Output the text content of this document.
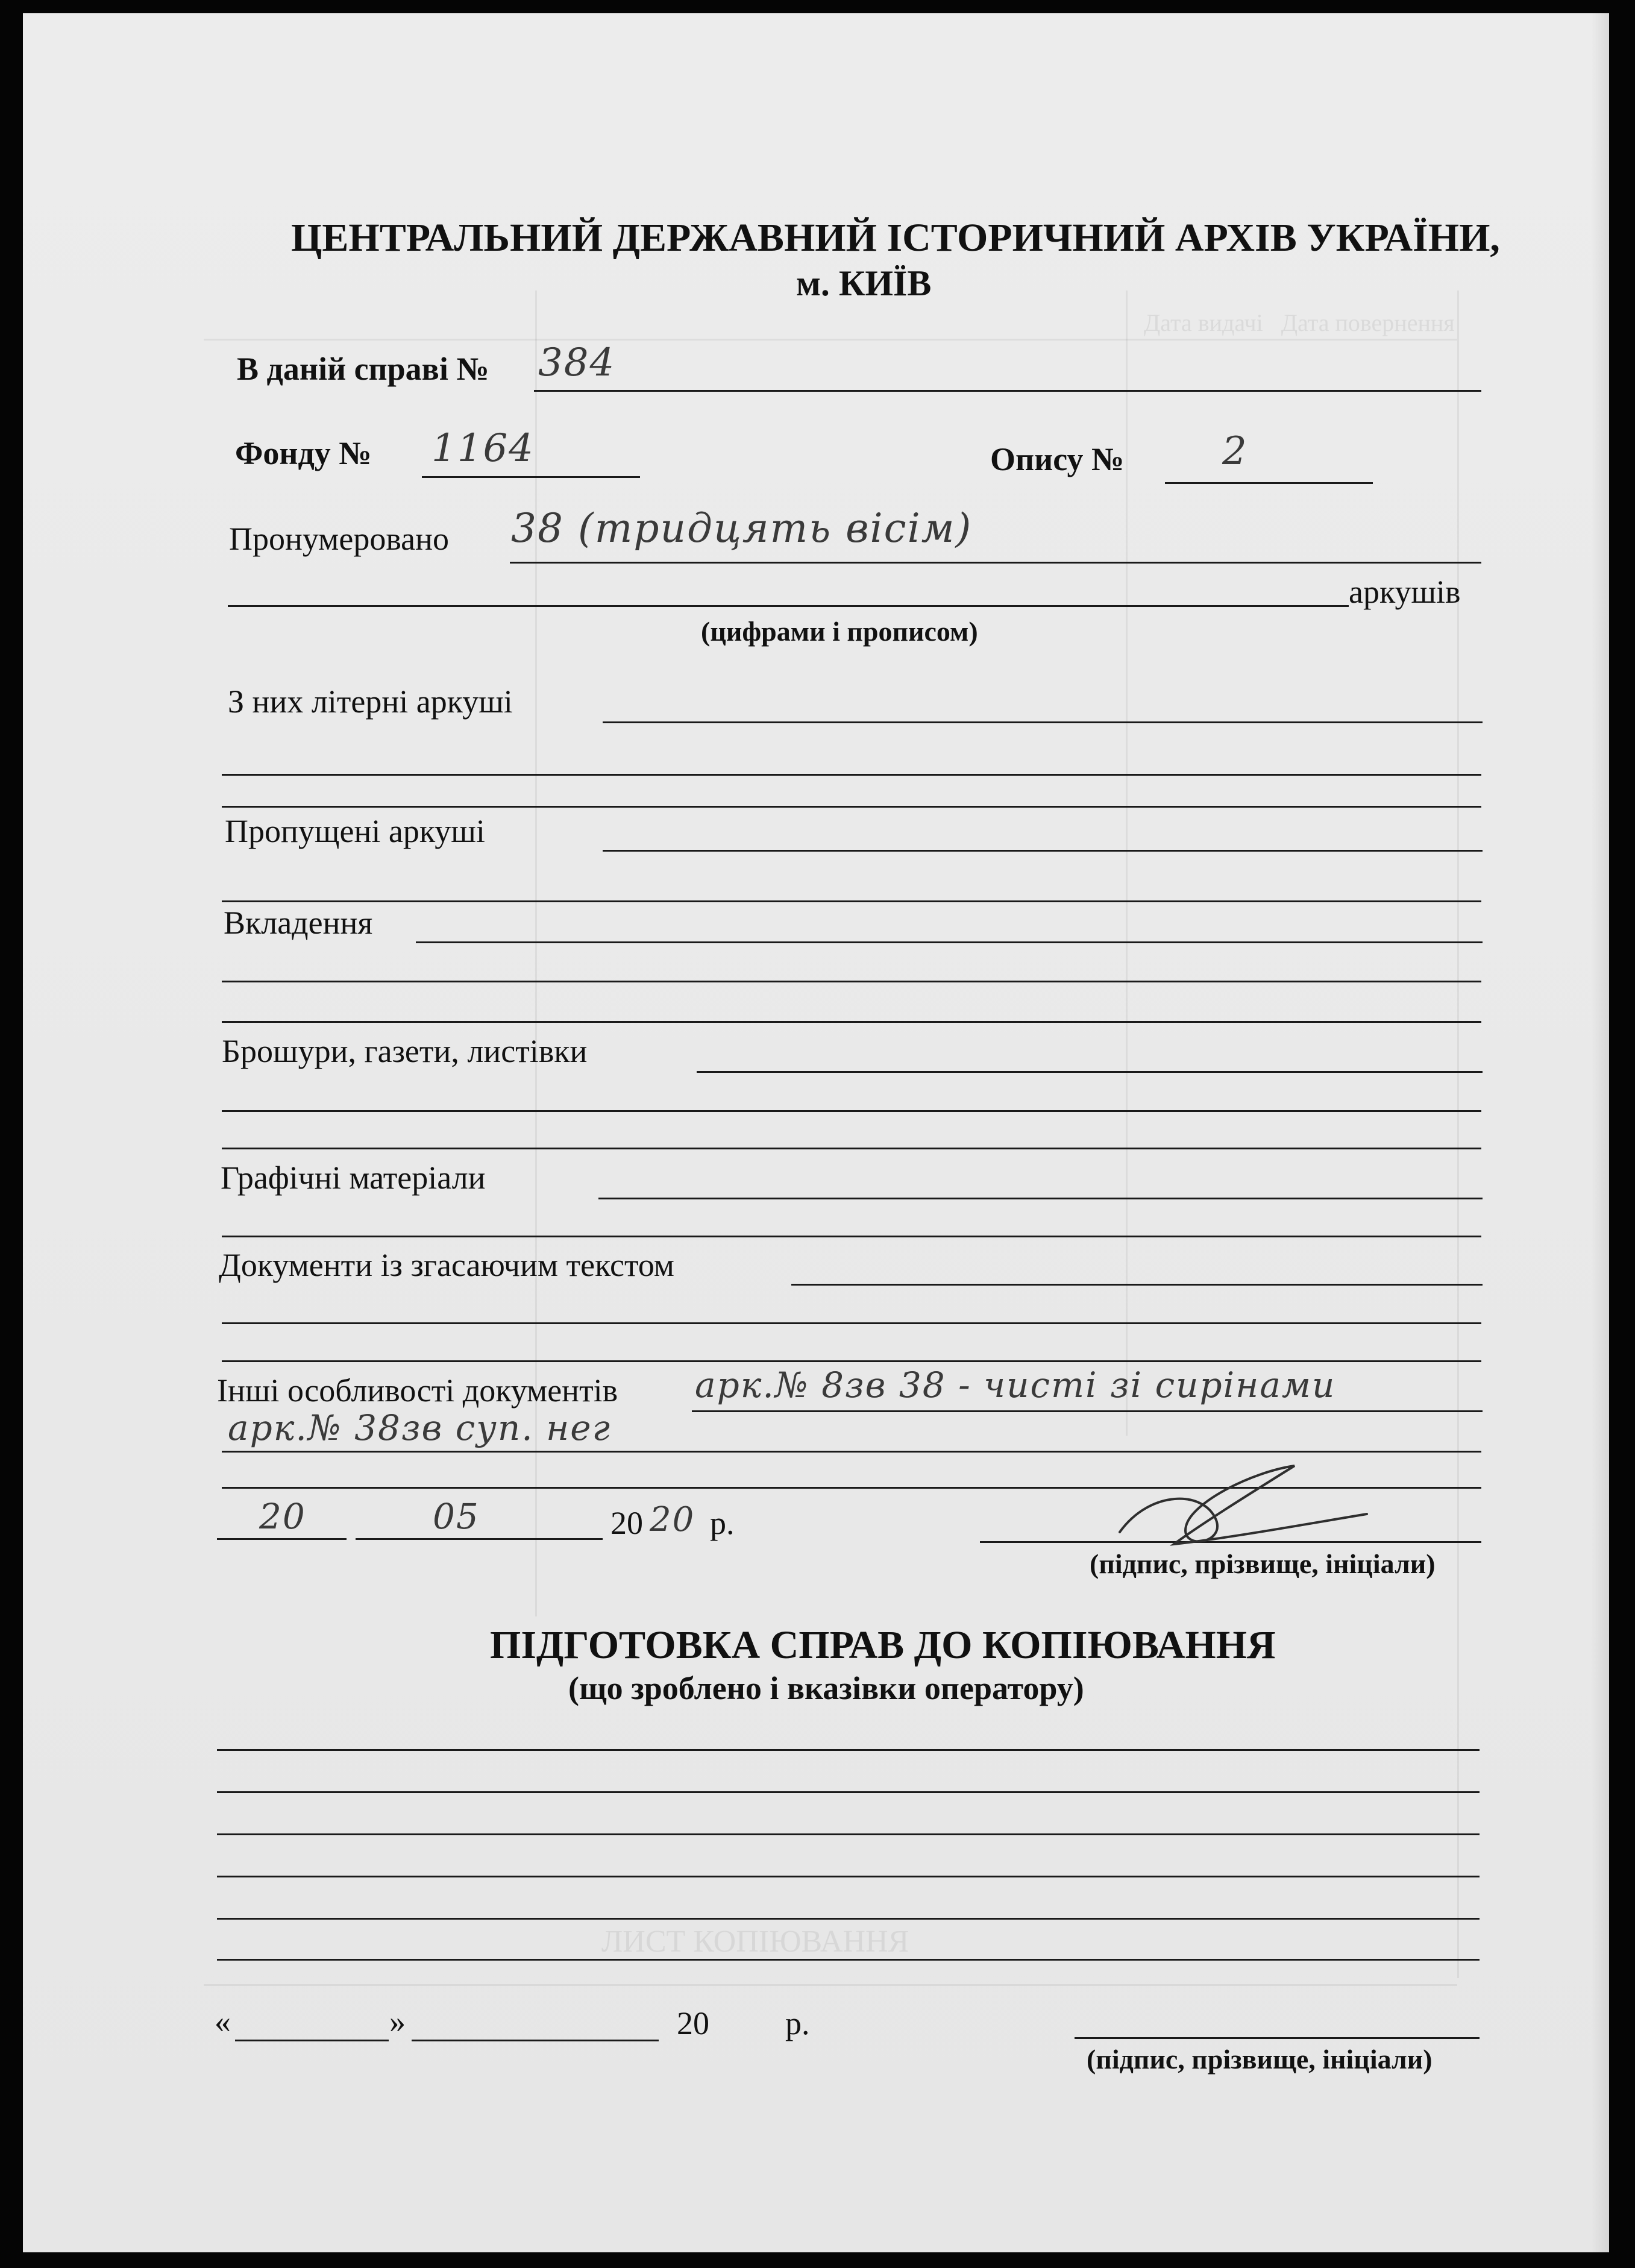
Дата видачі   Дата повернення
ЛИСТ КОПІЮВАННЯ
ЦЕНТРАЛЬНИЙ ДЕРЖАВНИЙ ІСТОРИЧНИЙ АРХІВ УКРАЇНИ,
м. КИЇВ
В даній справі № 384
Фонду № 1164	Опису №	2
Пронумеровано 38 (тридцять вісім)
аркушів
(цифрами і прописом)
З них літерні аркуші
Пропущені аркуші
Вкладення
Брошури, газети, листівки
Графічні матеріали
Документи із згасаючим текстом
Інші особливості документів арк.№ 8зв 38 - чисті зі сирінами
арк.№ 38зв суп. нег
20	05	20 20 р.
(підпис, прізвище, ініціали)
ПІДГОТОВКА СПРАВ ДО КОПІЮВАННЯ
(що зроблено і вказівки оператору)
«	»	20 р.
(підпис, прізвище, ініціали)
